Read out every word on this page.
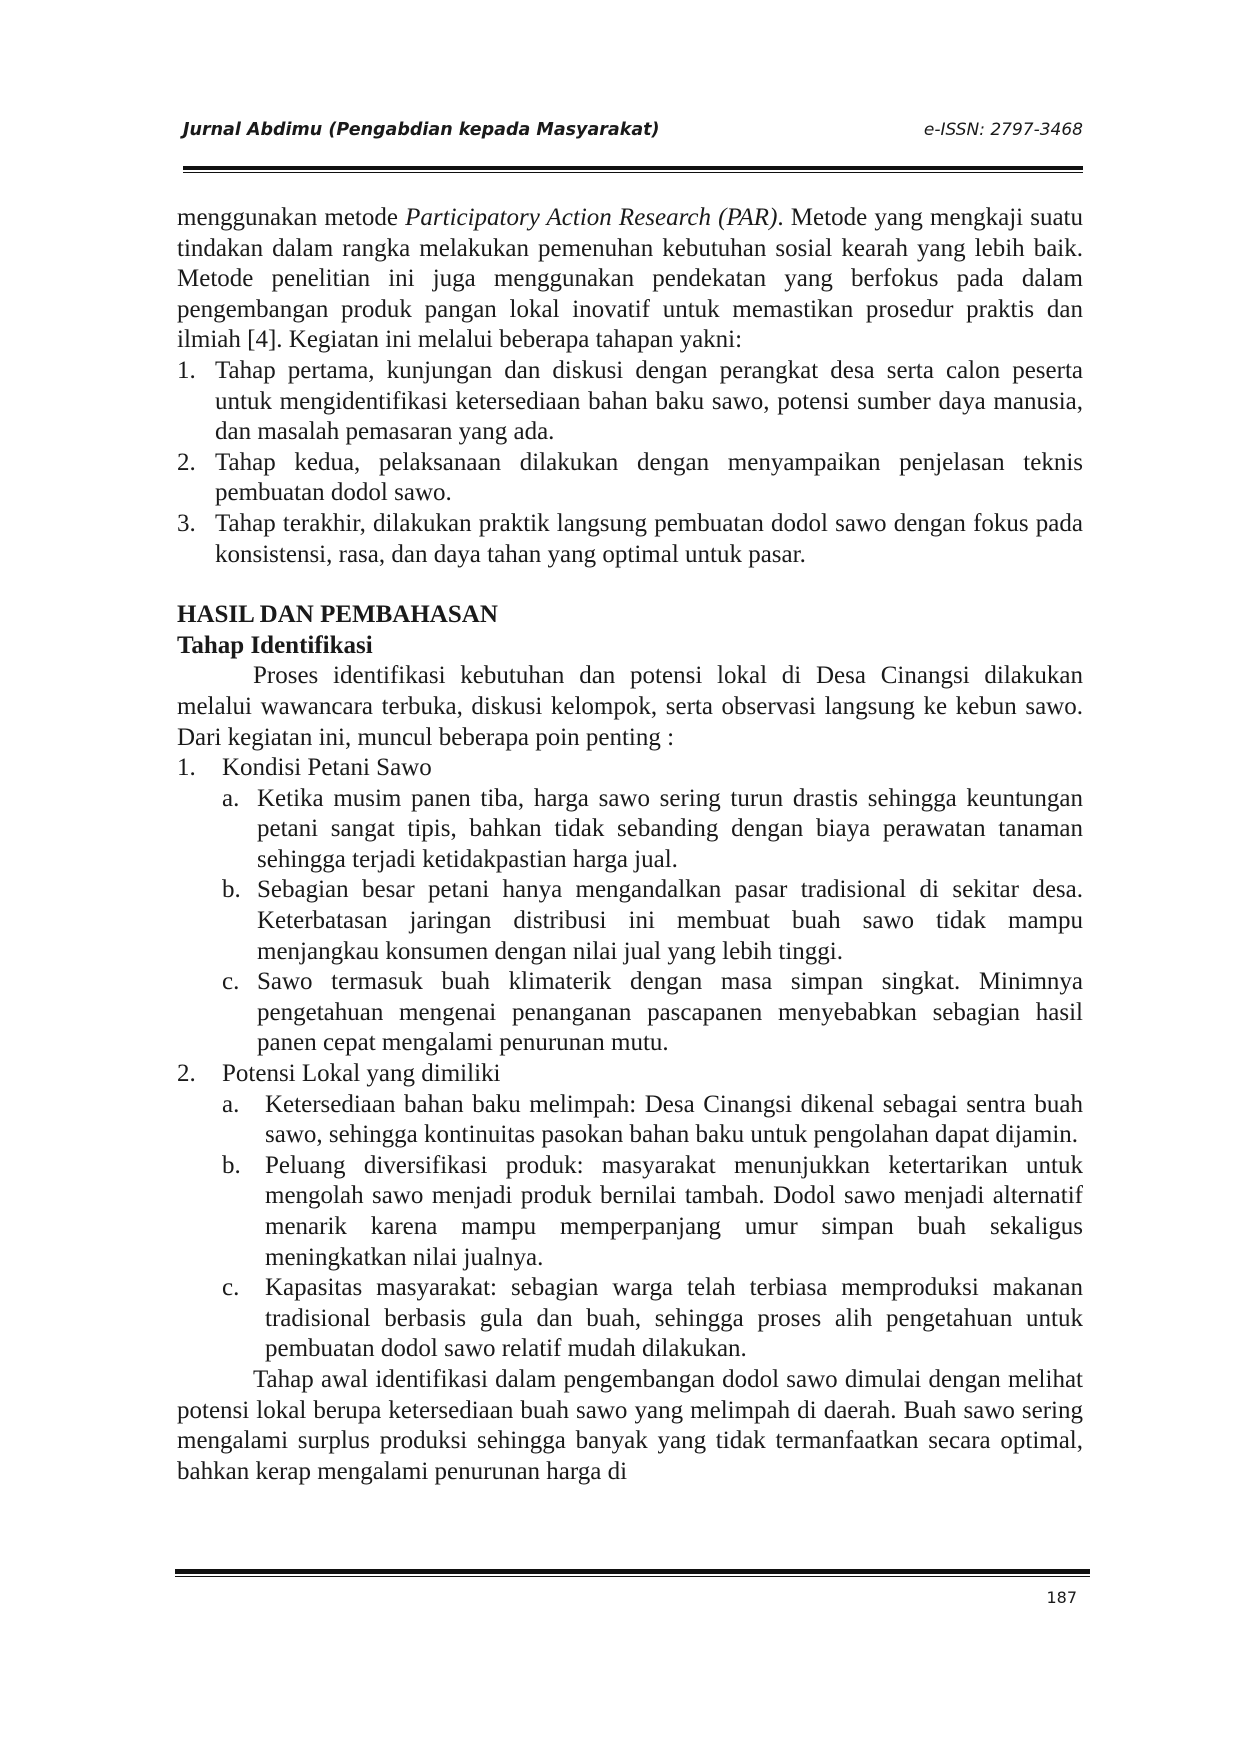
Jurnal Abdimu (Pengabdian kepada Masyarakat)	e-ISSN: 2797-3468

menggunakan metode Participatory Action Research (PAR). Metode yang mengkaji suatu tindakan dalam rangka melakukan pemenuhan kebutuhan sosial kearah yang lebih baik. Metode penelitian ini juga menggunakan pendekatan yang berfokus pada dalam pengembangan produk pangan lokal inovatif untuk memastikan prosedur praktis dan ilmiah [4]. Kegiatan ini melalui beberapa tahapan yakni:

1. Tahap pertama, kunjungan dan diskusi dengan perangkat desa serta calon peserta untuk mengidentifikasi ketersediaan bahan baku sawo, potensi sumber daya manusia, dan masalah pemasaran yang ada.
2. Tahap kedua, pelaksanaan dilakukan dengan menyampaikan penjelasan teknis pembuatan dodol sawo.
3. Tahap terakhir, dilakukan praktik langsung pembuatan dodol sawo dengan fokus pada konsistensi, rasa, dan daya tahan yang optimal untuk pasar.

HASIL DAN PEMBAHASAN

Tahap Identifikasi

Proses identifikasi kebutuhan dan potensi lokal di Desa Cinangsi dilakukan melalui wawancara terbuka, diskusi kelompok, serta observasi langsung ke kebun sawo. Dari kegiatan ini, muncul beberapa poin penting :

1. Kondisi Petani Sawo
a. Ketika musim panen tiba, harga sawo sering turun drastis sehingga keuntungan petani sangat tipis, bahkan tidak sebanding dengan biaya perawatan tanaman sehingga terjadi ketidakpastian harga jual.
b. Sebagian besar petani hanya mengandalkan pasar tradisional di sekitar desa. Keterbatasan jaringan distribusi ini membuat buah sawo tidak mampu menjangkau konsumen dengan nilai jual yang lebih tinggi.
c. Sawo termasuk buah klimaterik dengan masa simpan singkat. Minimnya pengetahuan mengenai penanganan pascapanen menyebabkan sebagian hasil panen cepat mengalami penurunan mutu.
2. Potensi Lokal yang dimiliki
a. Ketersediaan bahan baku melimpah: Desa Cinangsi dikenal sebagai sentra buah sawo, sehingga kontinuitas pasokan bahan baku untuk pengolahan dapat dijamin.
b. Peluang diversifikasi produk: masyarakat menunjukkan ketertarikan untuk mengolah sawo menjadi produk bernilai tambah. Dodol sawo menjadi alternatif menarik karena mampu memperpanjang umur simpan buah sekaligus meningkatkan nilai jualnya.
c. Kapasitas masyarakat: sebagian warga telah terbiasa memproduksi makanan tradisional berbasis gula dan buah, sehingga proses alih pengetahuan untuk pembuatan dodol sawo relatif mudah dilakukan.

Tahap awal identifikasi dalam pengembangan dodol sawo dimulai dengan melihat potensi lokal berupa ketersediaan buah sawo yang melimpah di daerah. Buah sawo sering mengalami surplus produksi sehingga banyak yang tidak termanfaatkan secara optimal, bahkan kerap mengalami penurunan harga di

187
